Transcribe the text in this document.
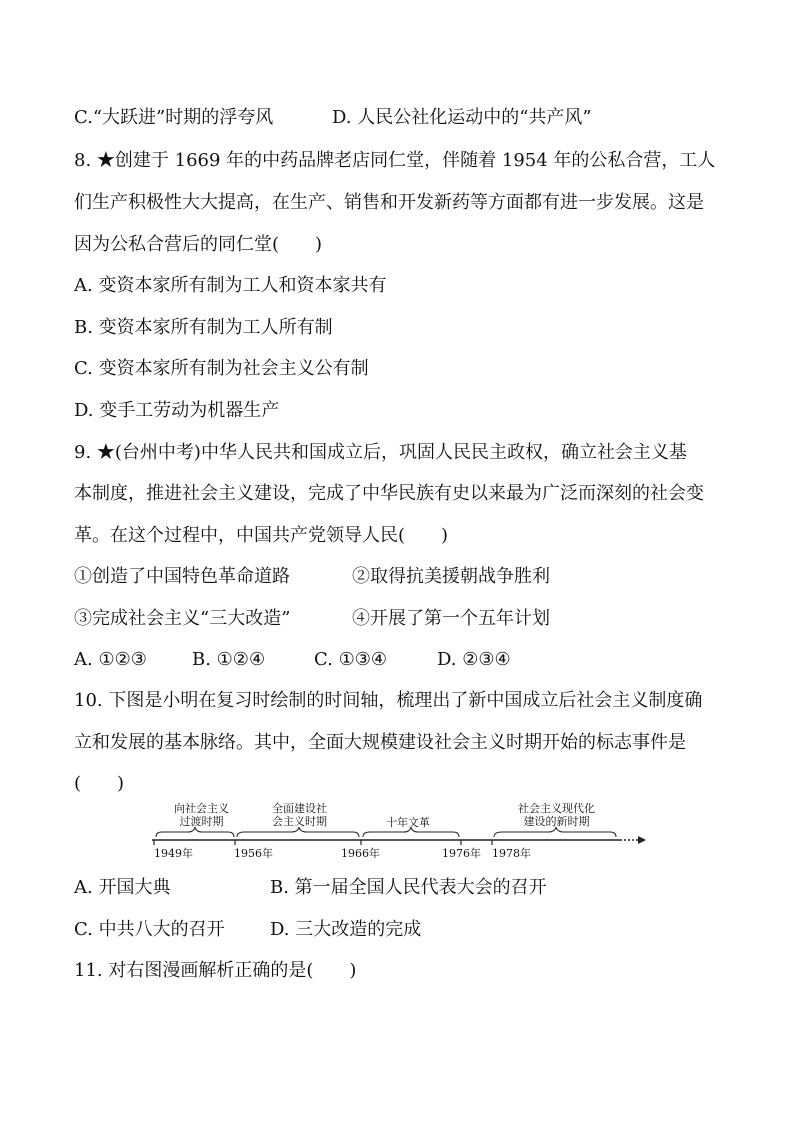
C.“大跃进”时期的浮夸风	D. 人民公社化运动中的“共产风”

8. ★创建于 1669 年的中药品牌老店同仁堂，伴随着 1954 年的公私合营，工人

们生产积极性大大提高，在生产、销售和开发新药等方面都有进一步发展。这是

因为公私合营后的同仁堂(　　)

A. 变资本家所有制为工人和资本家共有

B. 变资本家所有制为工人所有制

C. 变资本家所有制为社会主义公有制

D. 变手工劳动为机器生产

9. ★(台州中考)中华人民共和国成立后，巩固人民民主政权，确立社会主义基

本制度，推进社会主义建设，完成了中华民族有史以来最为广泛而深刻的社会变

革。在这个过程中，中国共产党领导人民(　　)

①创造了中国特色革命道路	②取得抗美援朝战争胜利

③完成社会主义“三大改造”	④开展了第一个五年计划

A. ①②③	B. ①②④	C. ①③④	D. ②③④

10. 下图是小明在复习时绘制的时间轴，梳理出了新中国成立后社会主义制度确

立和发展的基本脉络。其中，全面大规模建设社会主义时期开始的标志事件是

(　　)

向社会主义
过渡时期
全面建设社
会主义时期	十年文革
社会主义现代化
建设的新时期
1949年	1956年	1966年	1976年 1978年

A. 开国大典	B. 第一届全国人民代表大会的召开

C. 中共八大的召开	D. 三大改造的完成

11. 对右图漫画解析正确的是(　　)
